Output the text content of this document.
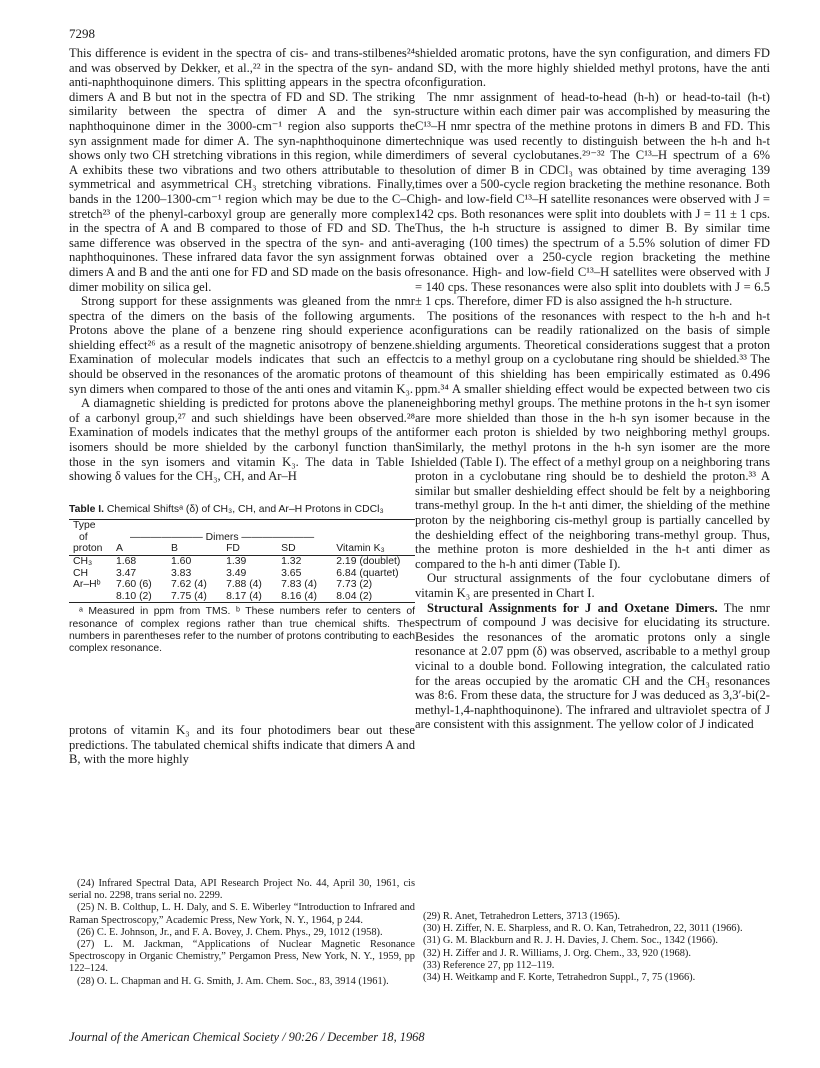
7298

This difference is evident in the spectra of cis- and trans-stilbenes²⁴ and was observed by Dekker, et al.,²² in the spectra of the syn- and anti-naphthoquinone dimers. This splitting appears in the spectra of dimers A and B but not in the spectra of FD and SD. The striking similarity between the spectra of dimer A and the syn-naphthoquinone dimer in the 3000-cm⁻¹ region also supports the syn assignment made for dimer A. The syn-naphthoquinone dimer shows only two CH stretching vibrations in this region, while dimer A exhibits these two vibrations and two others attributable to the symmetrical and asymmetrical CH₃ stretching vibrations. Finally, bands in the 1200–1300-cm⁻¹ region which may be due to the C–C stretch²³ of the phenyl-carboxyl group are generally more complex in the spectra of A and B compared to those of FD and SD. The same difference was observed in the spectra of the syn- and anti-naphthoquinones. These infrared data favor the syn assignment for dimers A and B and the anti one for FD and SD made on the basis of dimer mobility on silica gel.

Strong support for these assignments was gleaned from the nmr spectra of the dimers on the basis of the following arguments. Protons above the plane of a benzene ring should experience a shielding effect²⁶ as a result of the magnetic anisotropy of benzene. Examination of molecular models indicates that such an effect should be observed in the resonances of the aromatic protons of the syn dimers when compared to those of the anti ones and vitamin K₃.

A diamagnetic shielding is predicted for protons above the plane of a carbonyl group,²⁷ and such shieldings have been observed.²⁸ Examination of models indicates that the methyl groups of the anti isomers should be more shielded by the carbonyl function than those in the syn isomers and vitamin K₃. The data in Table I showing δ values for the CH₃, CH, and Ar–H

Table I. Chemical Shiftsᵃ (δ) of CH₃, CH, and Ar–H Protons in CDCl₃
Type					
of	——————— Dimers ———————				
proton	A	B	FD	SD	Vitamin K₃
CH₃	1.68	1.60	1.39	1.32	2.19 (doublet)
CH	3.47	3.83	3.49	3.65	6.84 (quartet)
Ar–Hᵇ	7.60 (6)	7.62 (4)	7.88 (4)	7.83 (4)	7.73 (2)
	8.10 (2)	7.75 (4)	8.17 (4)	8.16 (4)	8.04 (2)
ᵃ Measured in ppm from TMS. ᵇ These numbers refer to centers of resonance of complex regions rather than true chemical shifts. The numbers in parentheses refer to the number of protons contributing to each complex resonance.

protons of vitamin K₃ and its four photodimers bear out these predictions. The tabulated chemical shifts indicate that dimers A and B, with the more highly

(24) Infrared Spectral Data, API Research Project No. 44, April 30, 1961, cis serial no. 2298, trans serial no. 2299.
(25) N. B. Colthup, L. H. Daly, and S. E. Wiberley “Introduction to Infrared and Raman Spectroscopy,” Academic Press, New York, N. Y., 1964, p 244.
(26) C. E. Johnson, Jr., and F. A. Bovey, J. Chem. Phys., 29, 1012 (1958).
(27) L. M. Jackman, “Applications of Nuclear Magnetic Resonance Spectroscopy in Organic Chemistry,” Pergamon Press, New York, N. Y., 1959, pp 122–124.
(28) O. L. Chapman and H. G. Smith, J. Am. Chem. Soc., 83, 3914 (1961).

shielded aromatic protons, have the syn configuration, and dimers FD and SD, with the more highly shielded methyl protons, have the anti configuration.

The nmr assignment of head-to-head (h-h) or head-to-tail (h-t) structure within each dimer pair was accomplished by measuring the C¹³–H nmr spectra of the methine protons in dimers B and FD. This technique was used recently to distinguish between the h-h and h-t dimers of several cyclobutanes.²⁹⁻³² The C¹³–H spectrum of a 6% solution of dimer B in CDCl₃ was obtained by time averaging 139 times over a 500-cycle region bracketing the methine resonance. Both high- and low-field C¹³–H satellite resonances were observed with J = 142 cps. Both resonances were split into doublets with J = 11 ± 1 cps. Thus, the h-h structure is assigned to dimer B. By similar time averaging (100 times) the spectrum of a 5.5% solution of dimer FD was obtained over a 250-cycle region bracketing the methine resonance. High- and low-field C¹³–H satellites were observed with J = 140 cps. These resonances were also split into doublets with J = 6.5 ± 1 cps. Therefore, dimer FD is also assigned the h-h structure.

The positions of the resonances with respect to the h-h and h-t configurations can be readily rationalized on the basis of simple shielding arguments. Theoretical considerations suggest that a proton cis to a methyl group on a cyclobutane ring should be shielded.³³ The amount of this shielding has been empirically estimated as 0.496 ppm.³⁴ A smaller shielding effect would be expected between two cis neighboring methyl groups. The methine protons in the h-t syn isomer are more shielded than those in the h-h syn isomer because in the former each proton is shielded by two neighboring methyl groups. Similarly, the methyl protons in the h-h syn isomer are the more shielded (Table I). The effect of a methyl group on a neighboring trans proton in a cyclobutane ring should be to deshield the proton.³³ A similar but smaller deshielding effect should be felt by a neighboring trans-methyl group. In the h-t anti dimer, the shielding of the methine proton by the neighboring cis-methyl group is partially cancelled by the deshielding effect of the neighboring trans-methyl group. Thus, the methine proton is more deshielded in the h-t anti dimer as compared to the h-h anti dimer (Table I).

Our structural assignments of the four cyclobutane dimers of vitamin K₃ are presented in Chart I.

Structural Assignments for J and Oxetane Dimers. The nmr spectrum of compound J was decisive for elucidating its structure. Besides the resonances of the aromatic protons only a single resonance at 2.07 ppm (δ) was observed, ascribable to a methyl group vicinal to a double bond. Following integration, the calculated ratio for the areas occupied by the aromatic CH and the CH₃ resonances was 8:6. From these data, the structure for J was deduced as 3,3′-bi(2-methyl-1,4-naphthoquinone). The infrared and ultraviolet spectra of J are consistent with this assignment. The yellow color of J indicated

(29) R. Anet, Tetrahedron Letters, 3713 (1965).
(30) H. Ziffer, N. E. Sharpless, and R. O. Kan, Tetrahedron, 22, 3011 (1966).
(31) G. M. Blackburn and R. J. H. Davies, J. Chem. Soc., 1342 (1966).
(32) H. Ziffer and J. R. Williams, J. Org. Chem., 33, 920 (1968).
(33) Reference 27, pp 112–119.
(34) H. Weitkamp and F. Korte, Tetrahedron Suppl., 7, 75 (1966).
Journal of the American Chemical Society / 90:26 / December 18, 1968
